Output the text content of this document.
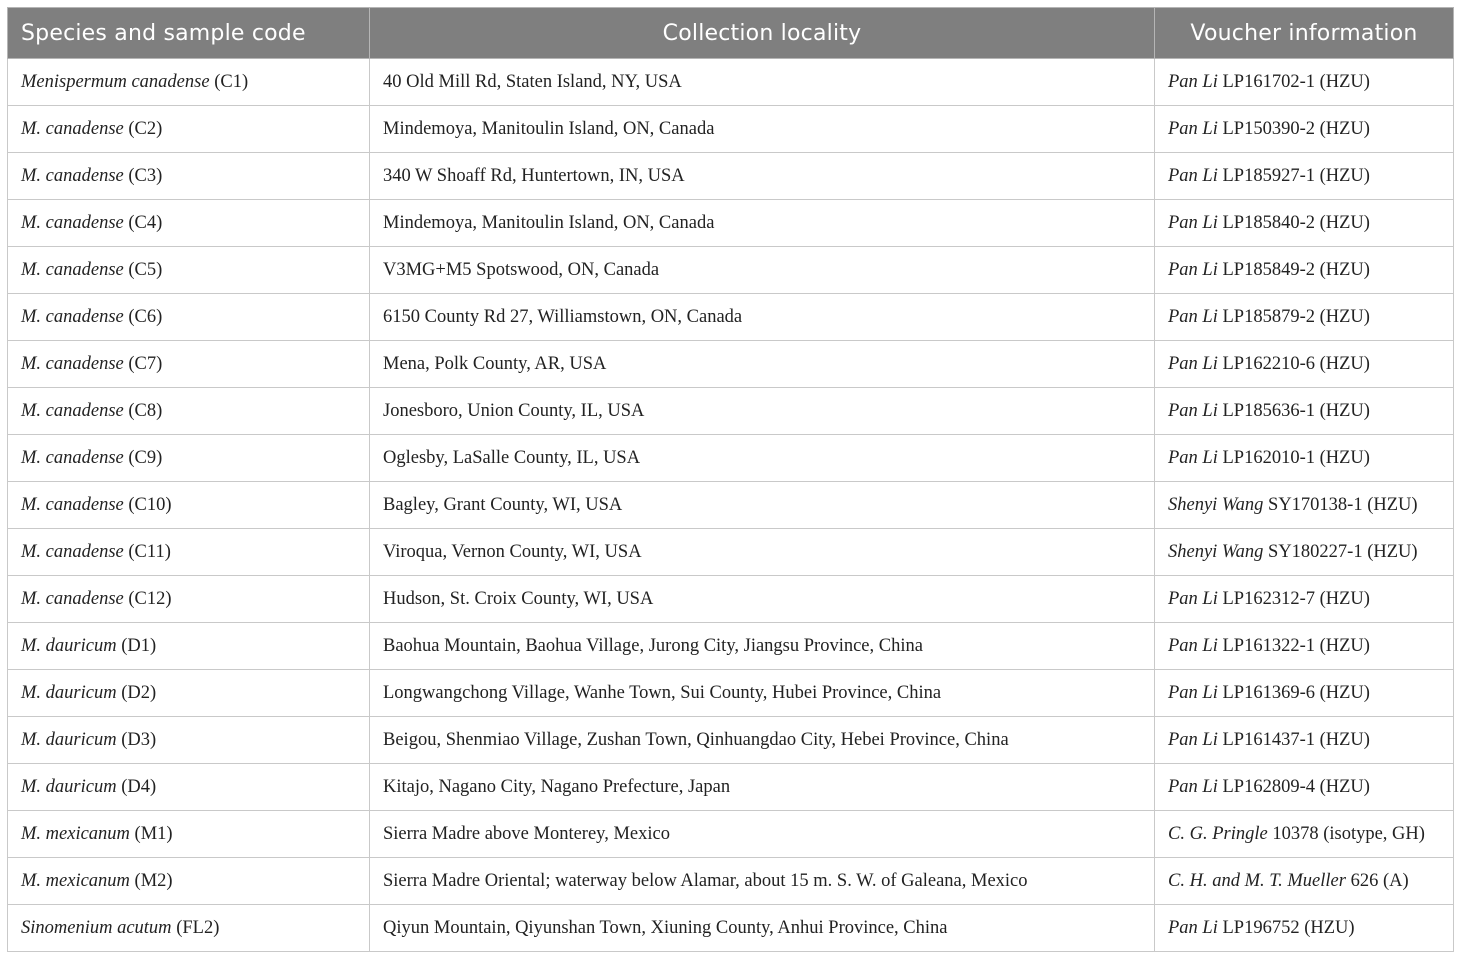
Species and sample code	Collection locality	Voucher information
Menispermum canadense (C1)	40 Old Mill Rd, Staten Island, NY, USA	Pan Li LP161702-1 (HZU)
M. canadense (C2)	Mindemoya, Manitoulin Island, ON, Canada	Pan Li LP150390-2 (HZU)
M. canadense (C3)	340 W Shoaff Rd, Huntertown, IN, USA	Pan Li LP185927-1 (HZU)
M. canadense (C4)	Mindemoya, Manitoulin Island, ON, Canada	Pan Li LP185840-2 (HZU)
M. canadense (C5)	V3MG+M5 Spotswood, ON, Canada	Pan Li LP185849-2 (HZU)
M. canadense (C6)	6150 County Rd 27, Williamstown, ON, Canada	Pan Li LP185879-2 (HZU)
M. canadense (C7)	Mena, Polk County, AR, USA	Pan Li LP162210-6 (HZU)
M. canadense (C8)	Jonesboro, Union County, IL, USA	Pan Li LP185636-1 (HZU)
M. canadense (C9)	Oglesby, LaSalle County, IL, USA	Pan Li LP162010-1 (HZU)
M. canadense (C10)	Bagley, Grant County, WI, USA	Shenyi Wang SY170138-1 (HZU)
M. canadense (C11)	Viroqua, Vernon County, WI, USA	Shenyi Wang SY180227-1 (HZU)
M. canadense (C12)	Hudson, St. Croix County, WI, USA	Pan Li LP162312-7 (HZU)
M. dauricum (D1)	Baohua Mountain, Baohua Village, Jurong City, Jiangsu Province, China	Pan Li LP161322-1 (HZU)
M. dauricum (D2)	Longwangchong Village, Wanhe Town, Sui County, Hubei Province, China	Pan Li LP161369-6 (HZU)
M. dauricum (D3)	Beigou, Shenmiao Village, Zushan Town, Qinhuangdao City, Hebei Province, China	Pan Li LP161437-1 (HZU)
M. dauricum (D4)	Kitajo, Nagano City, Nagano Prefecture, Japan	Pan Li LP162809-4 (HZU)
M. mexicanum (M1)	Sierra Madre above Monterey, Mexico	C. G. Pringle 10378 (isotype, GH)
M. mexicanum (M2)	Sierra Madre Oriental; waterway below Alamar, about 15 m. S. W. of Galeana, Mexico	C. H. and M. T. Mueller 626 (A)
Sinomenium acutum (FL2)	Qiyun Mountain, Qiyunshan Town, Xiuning County, Anhui Province, China	Pan Li LP196752 (HZU)
